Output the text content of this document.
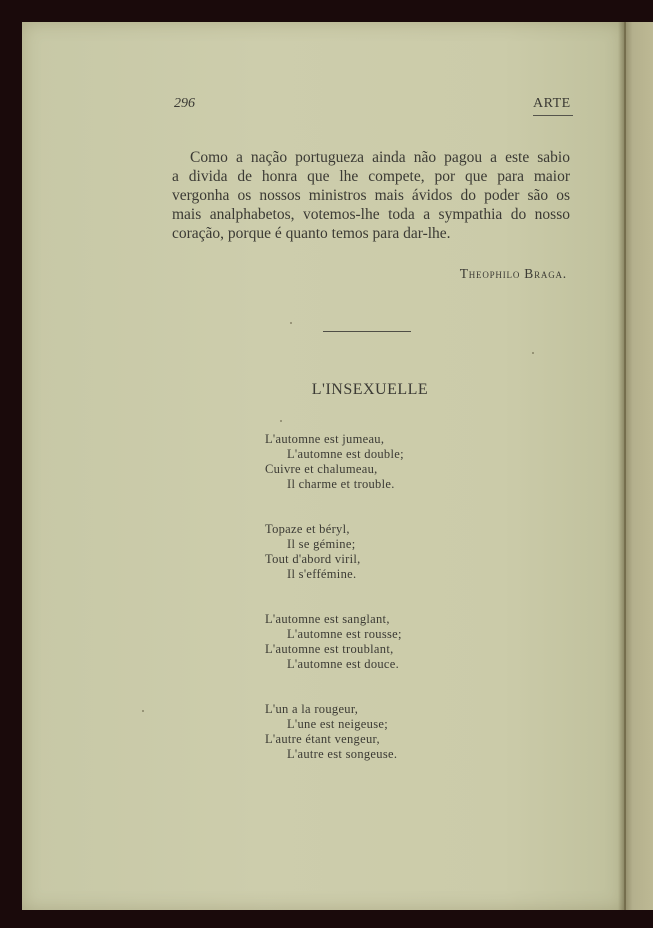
296	ARTE
Como a nação portugueza ainda não pagou a este sabio
a divida de honra que lhe compete, por que para maior
vergonha os nossos ministros mais ávidos do poder são os
mais analphabetos, votemos-lhe toda a sympathia do nosso
coração, porque é quanto temos para dar-lhe.
Theophilo Braga.
L'INSEXUELLE
L'automne est jumeau,
L'automne est double;
Cuivre et chalumeau,
Il charme et trouble.
Topaze et béryl,
Il se gémine;
Tout d'abord viril,
Il s'effémine.
L'automne est sanglant,
L'automne est rousse;
L'automne est troublant,
L'automne est douce.
L'un a la rougeur,
L'une est neigeuse;
L'autre étant vengeur,
L'autre est songeuse.
